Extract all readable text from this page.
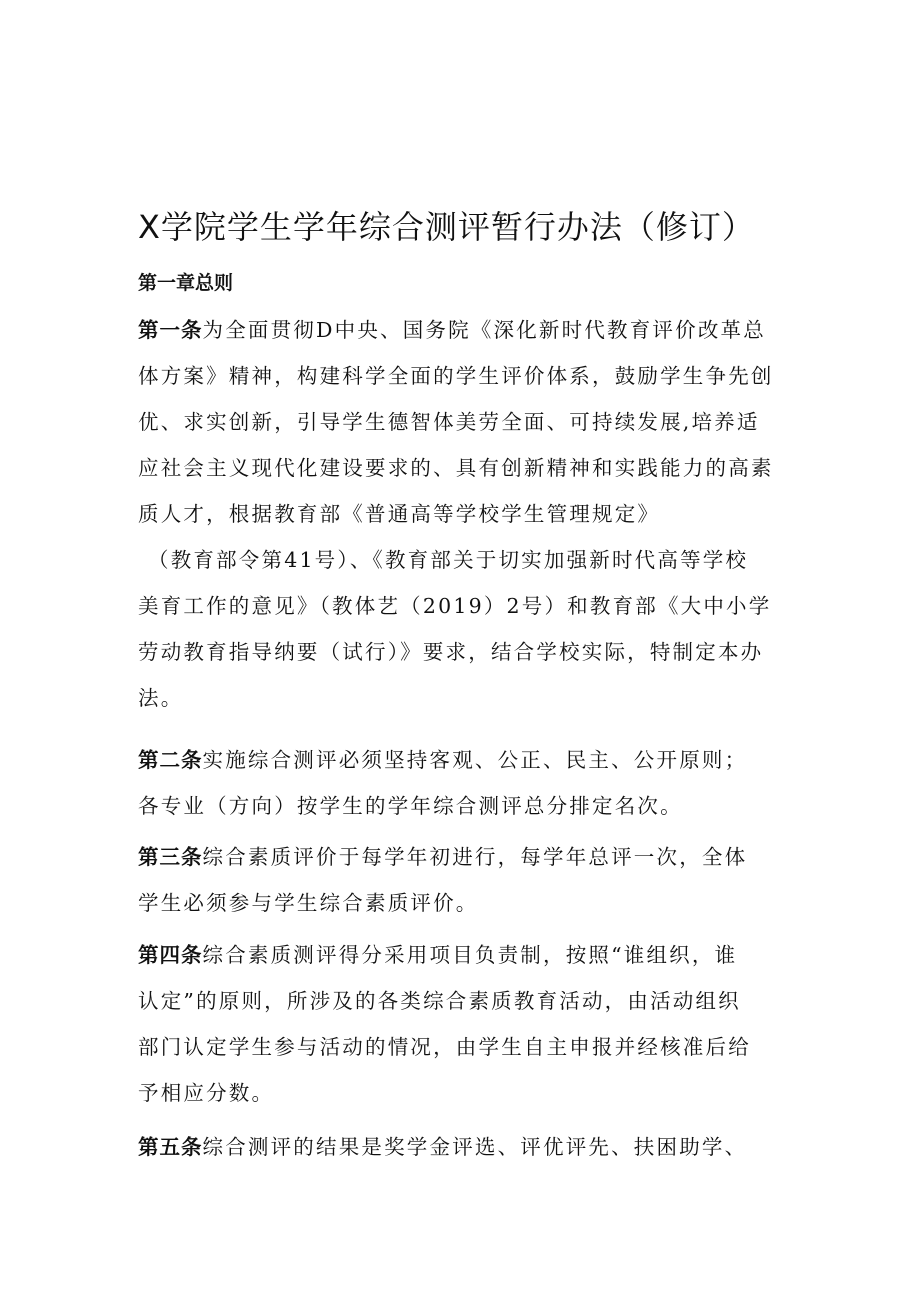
X学院学生学年综合测评暂行办法（修订）
第一章总则

第一条为全面贯彻D中央、国务院《深化新时代教育评价改革总
体方案》精神，构建科学全面的学生评价体系，鼓励学生争先创
优、求实创新，引导学生德智体美劳全面、可持续发展,培养适
应社会主义现代化建设要求的、具有创新精神和实践能力的高素
质人才，根据教育部《普通高等学校学生管理规定》
（教育部令第41号）、《教育部关于切实加强新时代高等学校
美育工作的意见》（教体艺（2019）2号）和教育部《大中小学
劳动教育指导纳要（试行）》要求，结合学校实际，特制定本办
法。

第二条实施综合测评必须坚持客观、公正、民主、公开原则；
各专业（方向）按学生的学年综合测评总分排定名次。

第三条综合素质评价于每学年初进行，每学年总评一次，全体
学生必须参与学生综合素质评价。

第四条综合素质测评得分采用项目负责制，按照“谁组织，谁
认定”的原则，所涉及的各类综合素质教育活动，由活动组织
部门认定学生参与活动的情况，由学生自主申报并经核准后给
予相应分数。

第五条综合测评的结果是奖学金评选、评优评先、扶困助学、
